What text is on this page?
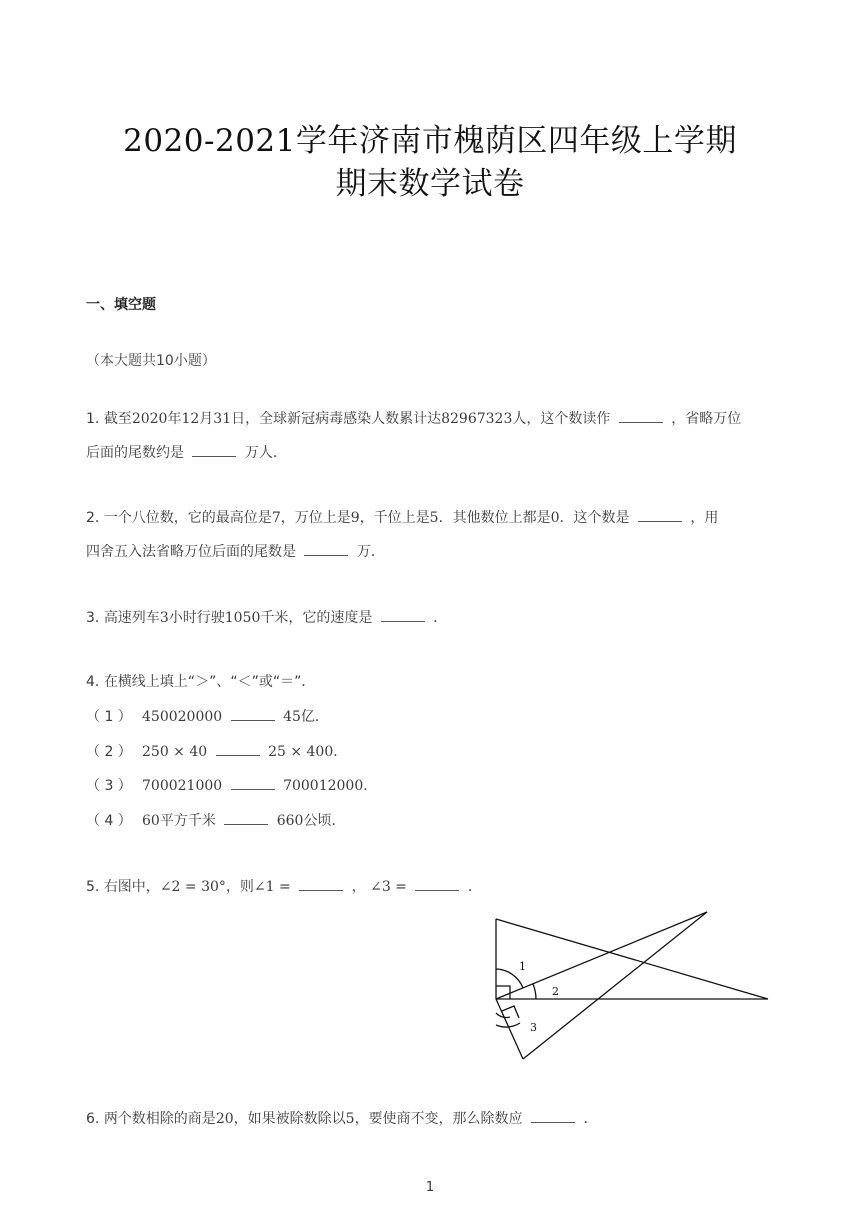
2020-2021学年济南市槐荫区四年级上学期
期末数学试卷
一、填空题
（本大题共10小题）
1. 截至2020年12月31日，全球新冠病毒感染人数累计达82967323人，这个数读作	，省略万位
后面的尾数约是	万人．
2. 一个八位数，它的最高位是7，万位上是9，千位上是5．其他数位上都是0．这个数是	，用
四舍五入法省略万位后面的尾数是	万．
3. 高速列车3小时行驶1050千米，它的速度是	．
4. 在横线上填上“＞”、“＜”或“＝”．
（ 1 ） 450020000	45亿．
（ 2 ） 250 × 40	25 × 400．
（ 3 ） 700021000	700012000．
（ 4 ） 60平方千米	660公顷．
5. 右图中，∠2 = 30°，则∠1 =	， ∠3 =	．
1
2
3
6. 两个数相除的商是20，如果被除数除以5，要使商不变，那么除数应	．
1
